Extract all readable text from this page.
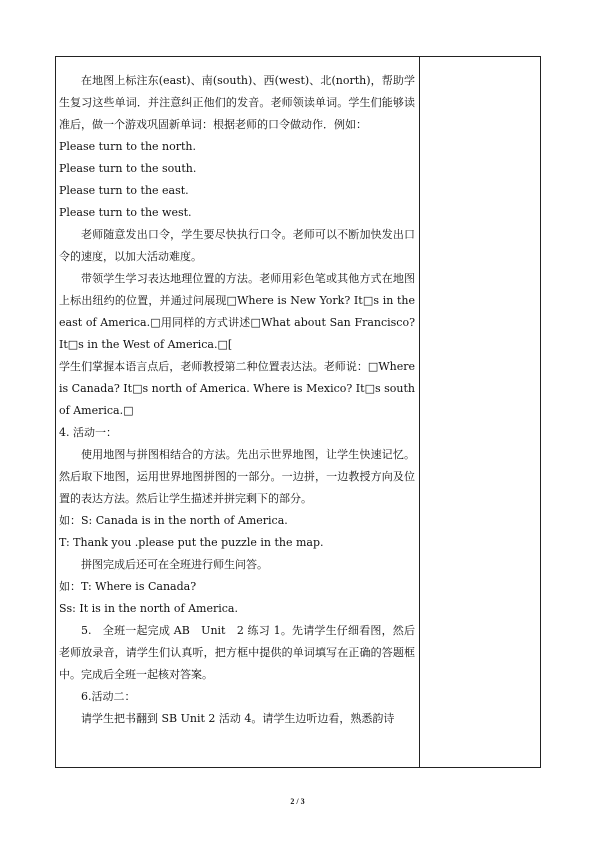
在地图上标注东(east)、南(south)、西(west)、北(north)，帮助学生复习这些单词．并注意纠正他们的发音。老师领读单词。学生们能够读准后，做一个游戏巩固新单词：根据老师的口令做动作．例如：

Please turn to the north.

Please turn to the south.

Please turn to the east.

Please turn to the west.

老师随意发出口令，学生要尽快执行口令。老师可以不断加快发出口令的速度，以加大活动难度。

带领学生学习表达地理位置的方法。老师用彩色笔或其他方式在地图上标出纽约的位置，并通过问展现□Where is New York? It□s in the east of America.□用同样的方式讲述□What about San Francisco? It□s in the West of America.□[

学生们掌握本语言点后，老师教授第二种位置表达法。老师说：□Where is Canada? It□s north of America. Where is Mexico? It□s south of America.□

4. 活动一：

使用地图与拼图相结合的方法。先出示世界地图，让学生快速记忆。然后取下地图，运用世界地图拼图的一部分。一边拼，一边教授方向及位置的表达方法。然后让学生描述并拼完剩下的部分。

如：S: Canada is in the north of America.

T: Thank you .please put the puzzle in the map.

拼图完成后还可在全班进行师生问答。

如：T: Where is Canada?

Ss: It is in the north of America.

5.　全班一起完成 AB　Unit　2 练习 1。先请学生仔细看图，然后老师放录音，请学生们认真听，把方框中提供的单词填写在正确的答题框中。完成后全班一起核对答案。

6.活动二：

请学生把书翻到 SB Unit 2 活动 4。请学生边听边看，熟悉韵诗

2 / 3
